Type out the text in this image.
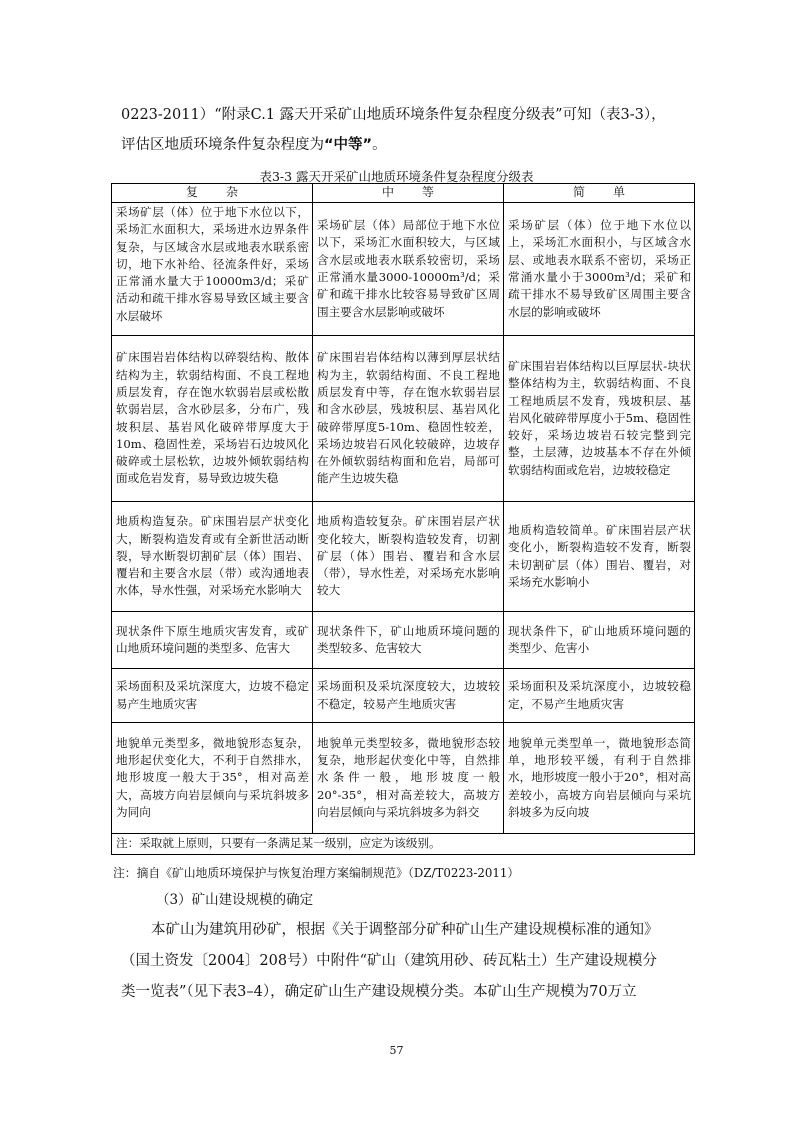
0223-2011）“附录C.1 露天开采矿山地质环境条件复杂程度分级表”可知（表3-3），
评估区地质环境条件复杂程度为“中等”。
表3-3 露天开采矿山地质环境条件复杂程度分级表
复杂	中等	简单
采场矿层（体）位于地下水位以下，采场汇水面积大，采场进水边界条件复杂，与区域含水层或地表水联系密切，地下水补给、径流条件好，采场正常涌水量大于10000m3/d；采矿活动和疏干排水容易导致区域主要含水层破坏	采场矿层（体）局部位于地下水位以下，采场汇水面积较大，与区域含水层或地表水联系较密切，采场正常涌水量3000-10000m³/d；采矿和疏干排水比较容易导致矿区周围主要含水层影响或破坏	采场矿层（体）位于地下水位以上，采场汇水面积小，与区域含水层、或地表水联系不密切，采场正常涌水量小于3000m³/d；采矿和疏干排水不易导致矿区周围主要含水层的影响或破坏
矿床围岩岩体结构以碎裂结构、散体结构为主，软弱结构面、不良工程地质层发育，存在饱水软弱岩层或松散软弱岩层，含水砂层多，分布广，残坡积层、基岩风化破碎带厚度大于10m、稳固性差，采场岩石边坡风化破碎或土层松软，边坡外倾软弱结构面或危岩发育，易导致边坡失稳	矿床围岩岩体结构以薄到厚层状结构为主，软弱结构面、不良工程地质层发育中等，存在饱水软弱岩层和含水砂层，残坡积层、基岩风化破碎带厚度5-10m、稳固性较差，采场边坡岩石风化较破碎，边坡存在外倾软弱结构面和危岩，局部可能产生边坡失稳	矿床围岩岩体结构以巨厚层状-块状整体结构为主，软弱结构面、不良工程地质层不发育，残坡积层、基岩风化破碎带厚度小于5m、稳固性较好，采场边坡岩石较完整到完整，土层薄，边坡基本不存在外倾软弱结构面或危岩，边坡较稳定
地质构造复杂。矿床围岩层产状变化大，断裂构造发育或有全新世活动断裂，导水断裂切割矿层（体）围岩、覆岩和主要含水层（带）或沟通地表水体，导水性强，对采场充水影响大	地质构造较复杂。矿床围岩层产状变化较大，断裂构造较发育，切割矿层（体）围岩、覆岩和含水层（带），导水性差，对采场充水影响较大	地质构造较简单。矿床围岩层产状变化小，断裂构造较不发育，断裂未切割矿层（体）围岩、覆岩，对采场充水影响小
现状条件下原生地质灾害发育，或矿山地质环境问题的类型多、危害大	现状条件下，矿山地质环境问题的类型较多、危害较大	现状条件下，矿山地质环境问题的类型少、危害小
采场面积及采坑深度大，边坡不稳定易产生地质灾害	采场面积及采坑深度较大，边坡较不稳定，较易产生地质灾害	采场面积及采坑深度小，边坡较稳定，不易产生地质灾害
地貌单元类型多，微地貌形态复杂，地形起伏变化大，不利于自然排水，地形坡度一般大于35°，相对高差大，高坡方向岩层倾向与采坑斜坡多为同向	地貌单元类型较多，微地貌形态较复杂，地形起伏变化中等，自然排水条件一般，地形坡度一般20°-35°，相对高差较大，高坡方向岩层倾向与采坑斜坡多为斜交	地貌单元类型单一，微地貌形态简单，地形较平缓，有利于自然排水，地形坡度一般小于20°，相对高差较小，高坡方向岩层倾向与采坑斜坡多为反向坡
注：采取就上原则，只要有一条满足某一级别，应定为该级别。		
注：摘自《矿山地质环境保护与恢复治理方案编制规范》（DZ/T0223-2011）
（3）矿山建设规模的确定
本矿山为建筑用砂矿，根据《关于调整部分矿种矿山生产建设规模标准的通知》
（国土资发〔2004〕208号）中附件“矿山（建筑用砂、砖瓦粘土）生产建设规模分
类一览表”（见下表3–4），确定矿山生产建设规模分类。本矿山生产规模为70万立
57
